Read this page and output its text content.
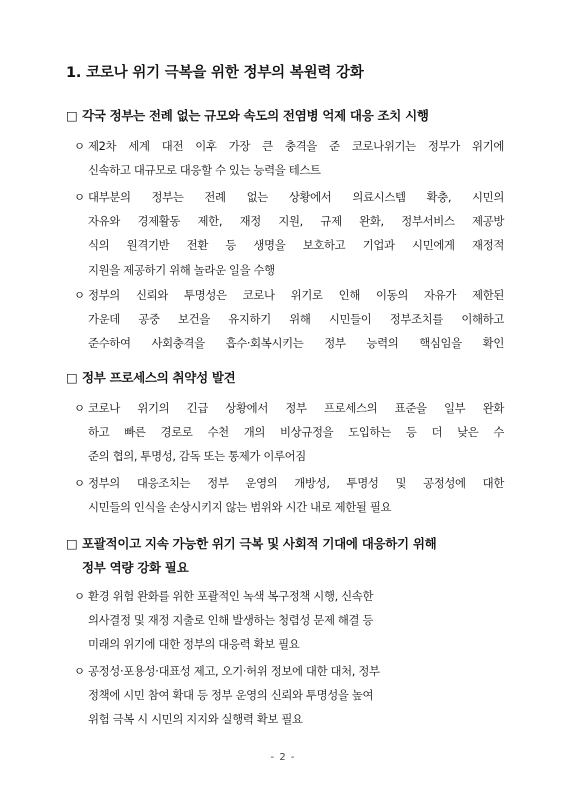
1. 코로나 위기 극복을 위한 정부의 복원력 강화
□ 각국 정부는 전례 없는 규모와 속도의 전염병 억제 대응 조치 시행
ㅇ 제2차 세계 대전 이후 가장 큰 충격을 준 코로나위기는 정부가 위기에
신속하고 대규모로 대응할 수 있는 능력을 테스트
ㅇ 대부분의 정부는 전례 없는 상황에서 의료시스템 확충, 시민의
자유와 경제활동 제한, 재정 지원, 규제 완화, 정부서비스 제공방
식의 원격기반 전환 등 생명을 보호하고 기업과 시민에게 재정적
지원을 제공하기 위해 놀라운 일을 수행
ㅇ 정부의 신뢰와 투명성은 코로나 위기로 인해 이동의 자유가 제한된
가운데 공중 보건을 유지하기 위해 시민들이 정부조치를 이해하고
준수하여 사회충격을 흡수·회복시키는 정부 능력의 핵심임을 확인
□ 정부 프로세스의 취약성 발견
ㅇ 코로나 위기의 긴급 상황에서 정부 프로세스의 표준을 일부 완화
하고 빠른 경로로 수천 개의 비상규정을 도입하는 등 더 낮은 수
준의 협의, 투명성, 감독 또는 통제가 이루어짐
ㅇ 정부의 대응조치는 정부 운영의 개방성, 투명성 및 공정성에 대한
시민들의 인식을 손상시키지 않는 범위와 시간 내로 제한될 필요
□ 포괄적이고 지속 가능한 위기 극복 및 사회적 기대에 대응하기 위해
정부 역량 강화 필요
ㅇ 환경 위험 완화를 위한 포괄적인 녹색 복구정책 시행, 신속한
의사결정 및 재정 지출로 인해 발생하는 청렴성 문제 해결 등
미래의 위기에 대한 정부의 대응력 확보 필요
ㅇ 공정성·포용성·대표성 제고, 오기·허위 정보에 대한 대처, 정부
정책에 시민 참여 확대 등 정부 운영의 신뢰와 투명성을 높여
위험 극복 시 시민의 지지와 실행력 확보 필요
- 2 -
